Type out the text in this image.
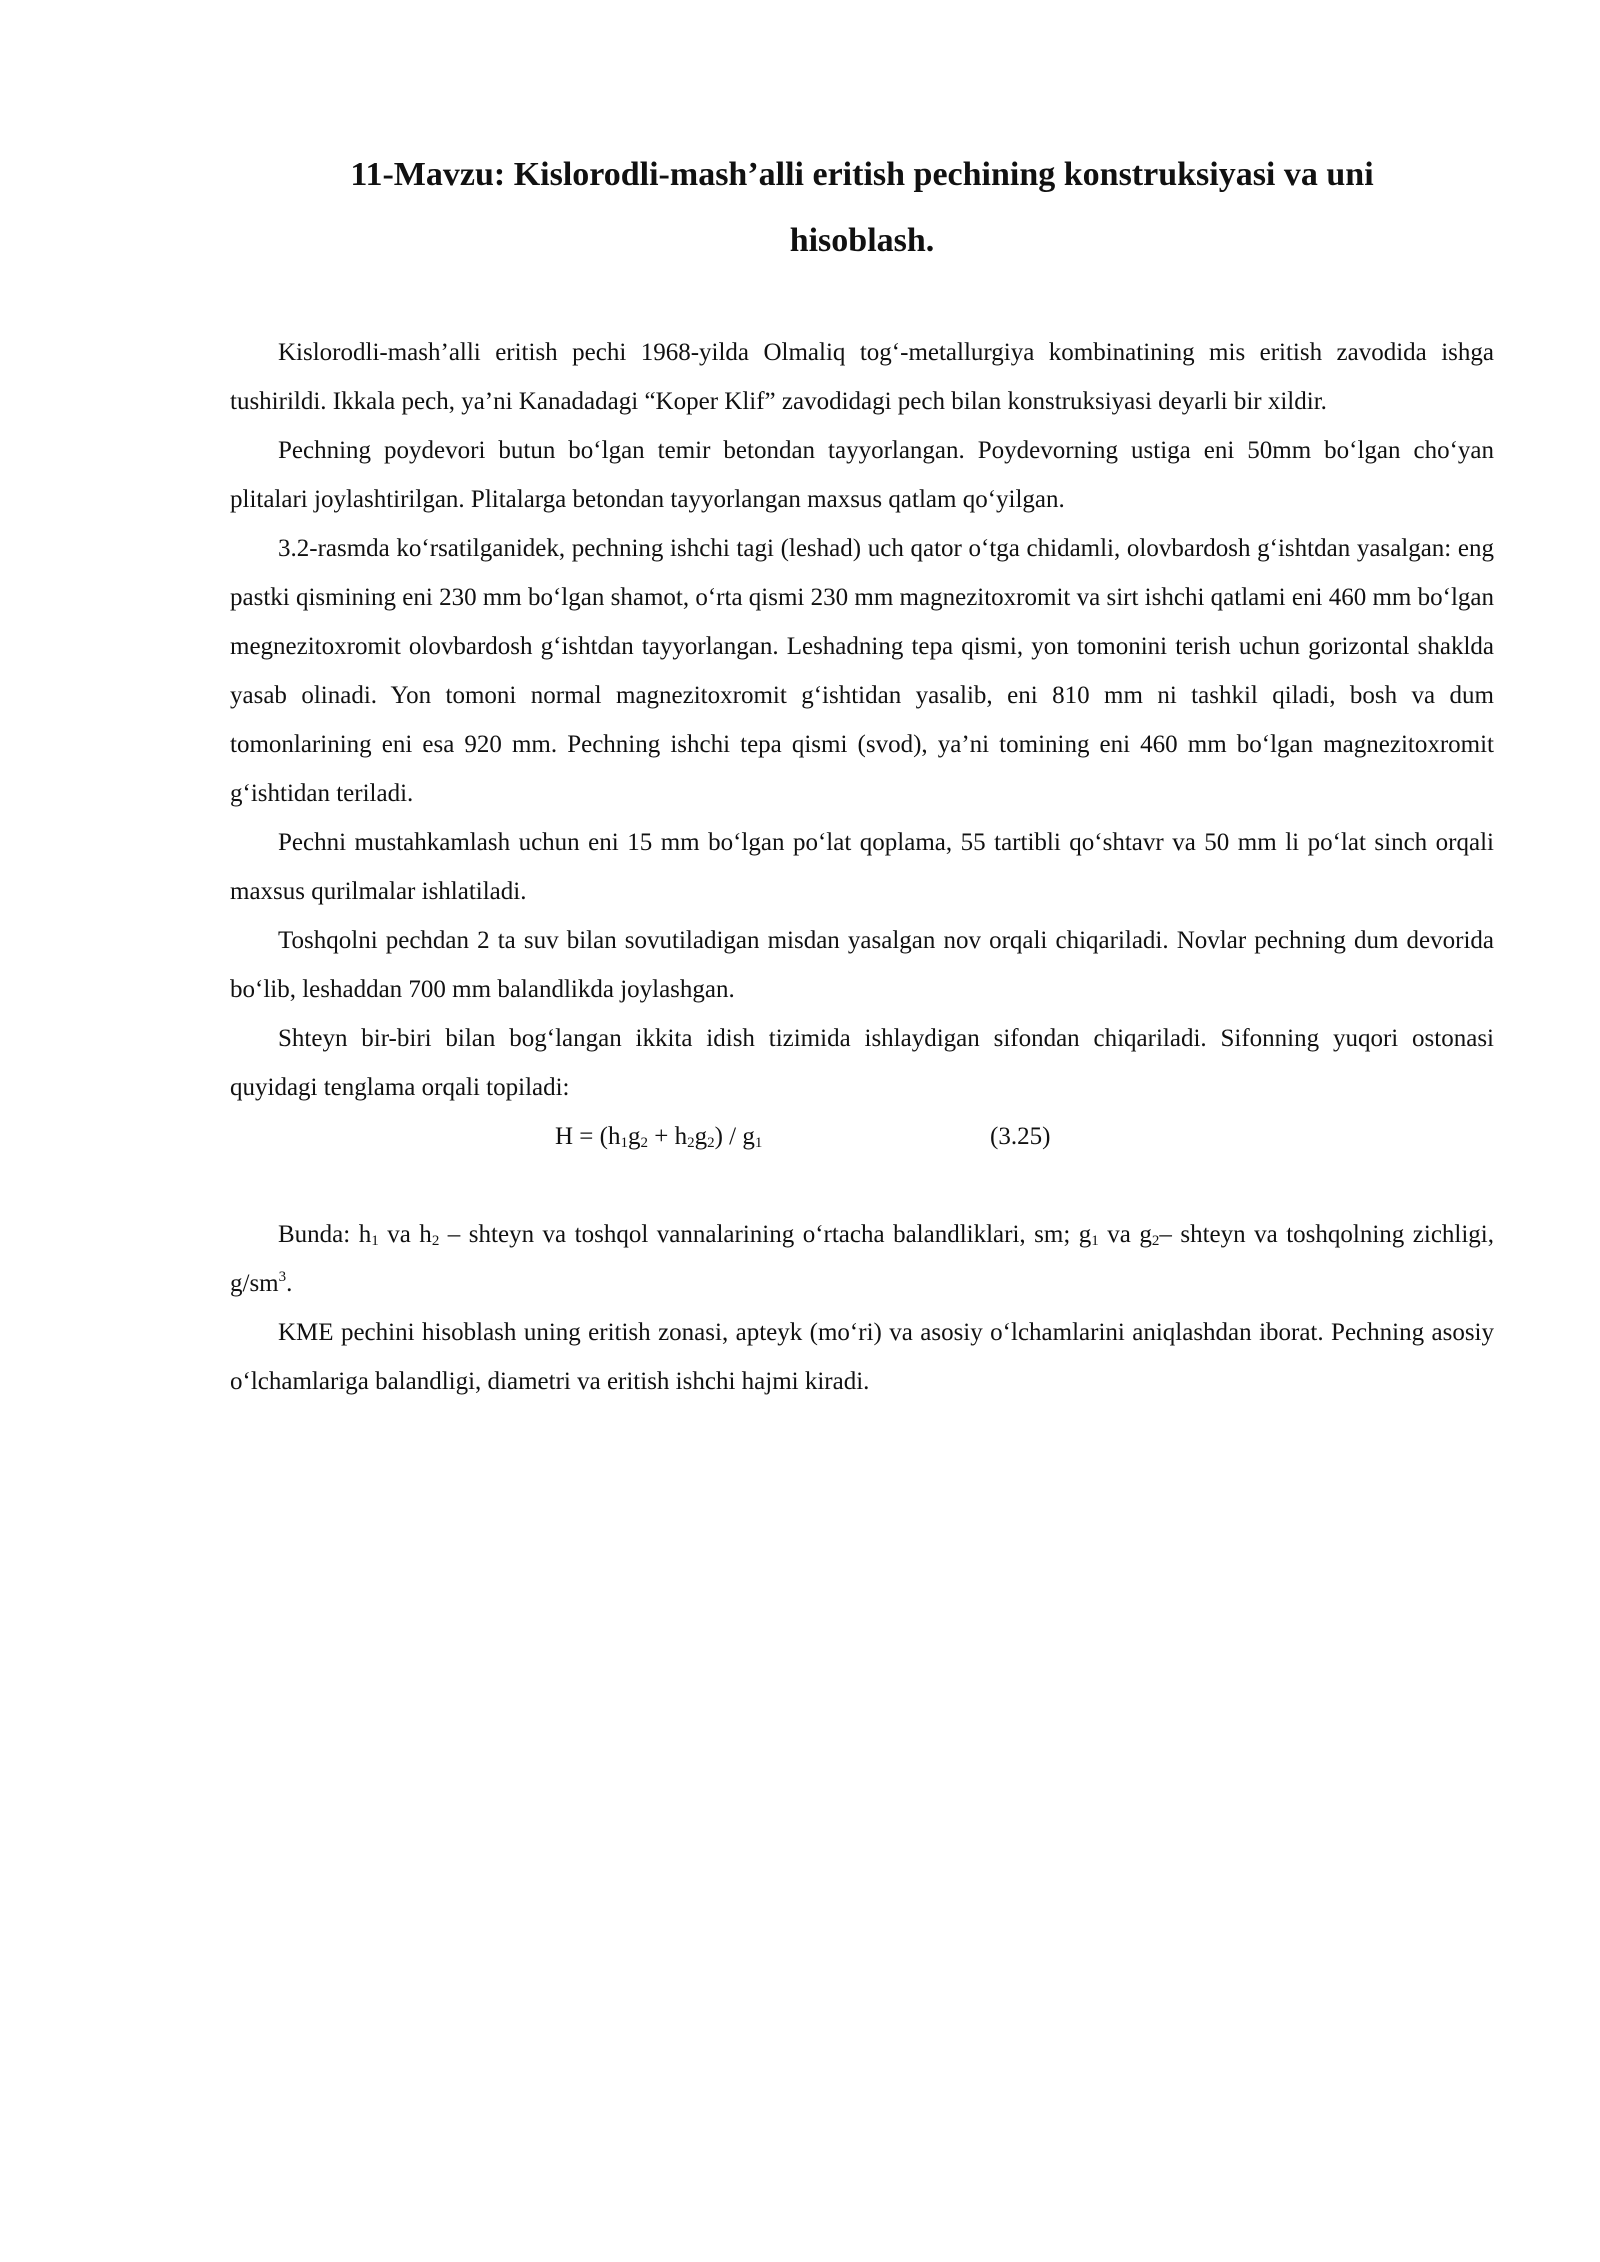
11-Mavzu: Kislorodli-mash’alli eritish pechining konstruksiyasi va uni
hisoblash.

Kislorodli-mash’alli eritish pechi 1968-yilda Olmaliq tog‘-metallurgiya kombinatining mis eritish zavodida ishga tushirildi. Ikkala pech, ya’ni Kanadadagi “Koper Klif” zavodidagi pech bilan konstruksiyasi deyarli bir xildir.

Pechning poydevori butun bo‘lgan temir betondan tayyorlangan. Poydevorning ustiga eni 50mm bo‘lgan cho‘yan plitalari joylashtirilgan. Plitalarga betondan tayyorlangan maxsus qatlam qo‘yilgan.

3.2-rasmda ko‘rsatilganidek, pechning ishchi tagi (leshad) uch qator o‘tga chidamli, olovbardosh g‘ishtdan yasalgan: eng pastki qismining eni 230 mm bo‘lgan shamot, o‘rta qismi 230 mm magnezitoxromit va sirt ishchi qatlami eni 460 mm bo‘lgan megnezitoxromit olovbardosh g‘ishtdan tayyorlangan. Leshadning tepa qismi, yon tomonini terish uchun gorizontal shaklda yasab olinadi. Yon tomoni normal magnezitoxromit g‘ishtidan yasalib, eni 810 mm ni tashkil qiladi, bosh va dum tomonlarining eni esa 920 mm. Pechning ishchi tepa qismi (svod), ya’ni tomining eni 460 mm bo‘lgan magnezitoxromit g‘ishtidan teriladi.

Pechni mustahkamlash uchun eni 15 mm bo‘lgan po‘lat qoplama, 55 tartibli qo‘shtavr va 50 mm li po‘lat sinch orqali maxsus qurilmalar ishlatiladi.

Toshqolni pechdan 2 ta suv bilan sovutiladigan misdan yasalgan nov orqali chiqariladi. Novlar pechning dum devorida bo‘lib, leshaddan 700 mm balandlikda joylashgan.

Shteyn bir-biri bilan bog‘langan ikkita idish tizimida ishlaydigan sifondan chiqariladi. Sifonning yuqori ostonasi quyidagi tenglama orqali topiladi:

$H = (h_1g_2 + h_2g_2) / g_1$	(3.25)

Bunda: $h_1$ va $h_2$ – shteyn va toshqol vannalarining o‘rtacha balandliklari, sm; $g_1$ va $g_2-$ shteyn va toshqolning zichligi, $g/sm^3$.

KME pechini hisoblash uning eritish zonasi, apteyk (mo‘ri) va asosiy o‘lchamlarini aniqlashdan iborat. Pechning asosiy o‘lchamlariga balandligi, diametri va eritish ishchi hajmi kiradi.
